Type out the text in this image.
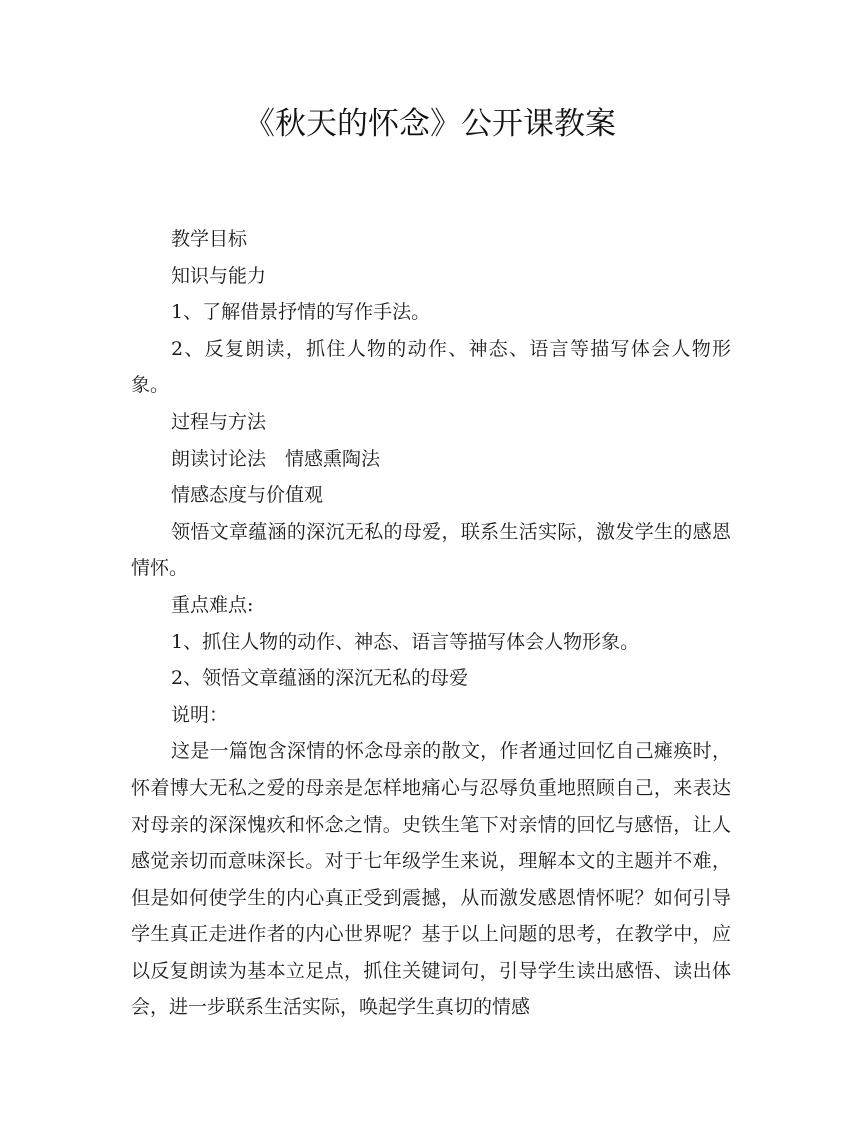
《秋天的怀念》公开课教案

教学目标

知识与能力

1、了解借景抒情的写作手法。

2、反复朗读，抓住人物的动作、神态、语言等描写体会人物形象。

过程与方法

朗读讨论法　情感熏陶法

情感态度与价值观

领悟文章蕴涵的深沉无私的母爱，联系生活实际，激发学生的感恩情怀。

重点难点:

1、抓住人物的动作、神态、语言等描写体会人物形象。

2、领悟文章蕴涵的深沉无私的母爱

说明：

这是一篇饱含深情的怀念母亲的散文，作者通过回忆自己瘫痪时，怀着博大无私之爱的母亲是怎样地痛心与忍辱负重地照顾自己，来表达对母亲的深深愧疚和怀念之情。史铁生笔下对亲情的回忆与感悟，让人感觉亲切而意味深长。对于七年级学生来说，理解本文的主题并不难，但是如何使学生的内心真正受到震撼，从而激发感恩情怀呢？如何引导学生真正走进作者的内心世界呢？基于以上问题的思考，在教学中，应以反复朗读为基本立足点，抓住关键词句，引导学生读出感悟、读出体会，进一步联系生活实际，唤起学生真切的情感
